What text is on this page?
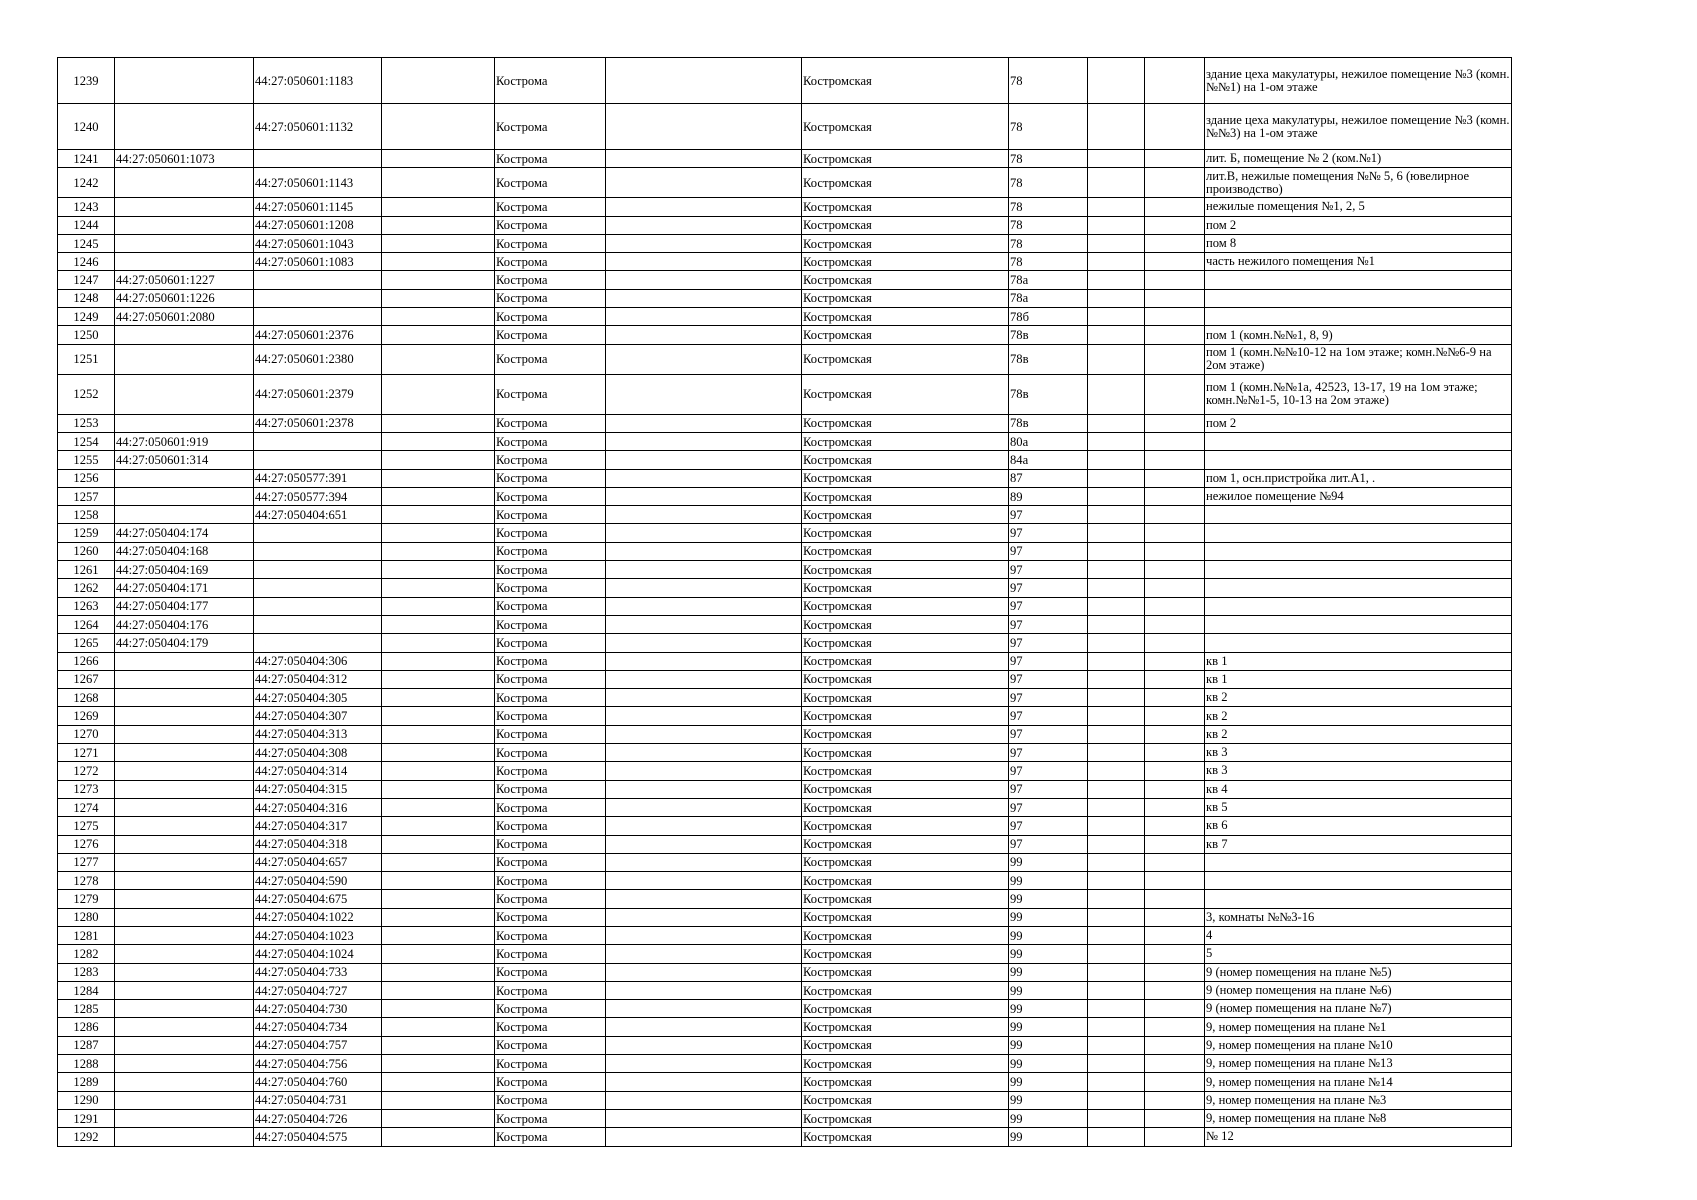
1239		44:27:050601:1183		Кострома		Костромская	78			здание цеха макулатуры, нежилое помещение №3 (комн. №№1) на 1-ом этаже
1240		44:27:050601:1132		Кострома		Костромская	78			здание цеха макулатуры, нежилое помещение №3 (комн. №№3) на 1-ом этаже
1241	44:27:050601:1073			Кострома		Костромская	78			лит. Б, помещение № 2 (ком.№1)
1242		44:27:050601:1143		Кострома		Костромская	78			лит.В, нежилые помещения №№ 5, 6 (ювелирное производство)
1243		44:27:050601:1145		Кострома		Костромская	78			нежилые помещения №1, 2, 5
1244		44:27:050601:1208		Кострома		Костромская	78			пом 2
1245		44:27:050601:1043		Кострома		Костромская	78			пом 8
1246		44:27:050601:1083		Кострома		Костромская	78			часть нежилого помещения №1
1247	44:27:050601:1227			Кострома		Костромская	78а			
1248	44:27:050601:1226			Кострома		Костромская	78а			
1249	44:27:050601:2080			Кострома		Костромская	78б			
1250		44:27:050601:2376		Кострома		Костромская	78в			пом 1 (комн.№№1, 8, 9)
1251		44:27:050601:2380		Кострома		Костромская	78в			пом 1 (комн.№№10-12 на 1ом этаже; комн.№№6-9 на 2ом этаже)
1252		44:27:050601:2379		Кострома		Костромская	78в			пом 1 (комн.№№1а, 42523, 13-17, 19 на 1ом этаже; комн.№№1-5, 10-13 на 2ом этаже)
1253		44:27:050601:2378		Кострома		Костромская	78в			пом 2
1254	44:27:050601:919			Кострома		Костромская	80а			
1255	44:27:050601:314			Кострома		Костромская	84а			
1256		44:27:050577:391		Кострома		Костромская	87			пом 1, осн.пристройка лит.А1, .
1257		44:27:050577:394		Кострома		Костромская	89			нежилое помещение №94
1258		44:27:050404:651		Кострома		Костромская	97			
1259	44:27:050404:174			Кострома		Костромская	97			
1260	44:27:050404:168			Кострома		Костромская	97			
1261	44:27:050404:169			Кострома		Костромская	97			
1262	44:27:050404:171			Кострома		Костромская	97			
1263	44:27:050404:177			Кострома		Костромская	97			
1264	44:27:050404:176			Кострома		Костромская	97			
1265	44:27:050404:179			Кострома		Костромская	97			
1266		44:27:050404:306		Кострома		Костромская	97			кв 1
1267		44:27:050404:312		Кострома		Костромская	97			кв 1
1268		44:27:050404:305		Кострома		Костромская	97			кв 2
1269		44:27:050404:307		Кострома		Костромская	97			кв 2
1270		44:27:050404:313		Кострома		Костромская	97			кв 2
1271		44:27:050404:308		Кострома		Костромская	97			кв 3
1272		44:27:050404:314		Кострома		Костромская	97			кв 3
1273		44:27:050404:315		Кострома		Костромская	97			кв 4
1274		44:27:050404:316		Кострома		Костромская	97			кв 5
1275		44:27:050404:317		Кострома		Костромская	97			кв 6
1276		44:27:050404:318		Кострома		Костромская	97			кв 7
1277		44:27:050404:657		Кострома		Костромская	99			
1278		44:27:050404:590		Кострома		Костромская	99			
1279		44:27:050404:675		Кострома		Костромская	99			
1280		44:27:050404:1022		Кострома		Костромская	99			3, комнаты №№3-16
1281		44:27:050404:1023		Кострома		Костромская	99			4
1282		44:27:050404:1024		Кострома		Костромская	99			5
1283		44:27:050404:733		Кострома		Костромская	99			9 (номер помещения на плане №5)
1284		44:27:050404:727		Кострома		Костромская	99			9 (номер помещения на плане №6)
1285		44:27:050404:730		Кострома		Костромская	99			9 (номер помещения на плане №7)
1286		44:27:050404:734		Кострома		Костромская	99			9, номер помещения на плане №1
1287		44:27:050404:757		Кострома		Костромская	99			9, номер помещения на плане №10
1288		44:27:050404:756		Кострома		Костромская	99			9, номер помещения на плане №13
1289		44:27:050404:760		Кострома		Костромская	99			9, номер помещения на плане №14
1290		44:27:050404:731		Кострома		Костромская	99			9, номер помещения на плане №3
1291		44:27:050404:726		Кострома		Костромская	99			9, номер помещения на плане №8
1292		44:27:050404:575		Кострома		Костромская	99			№ 12
